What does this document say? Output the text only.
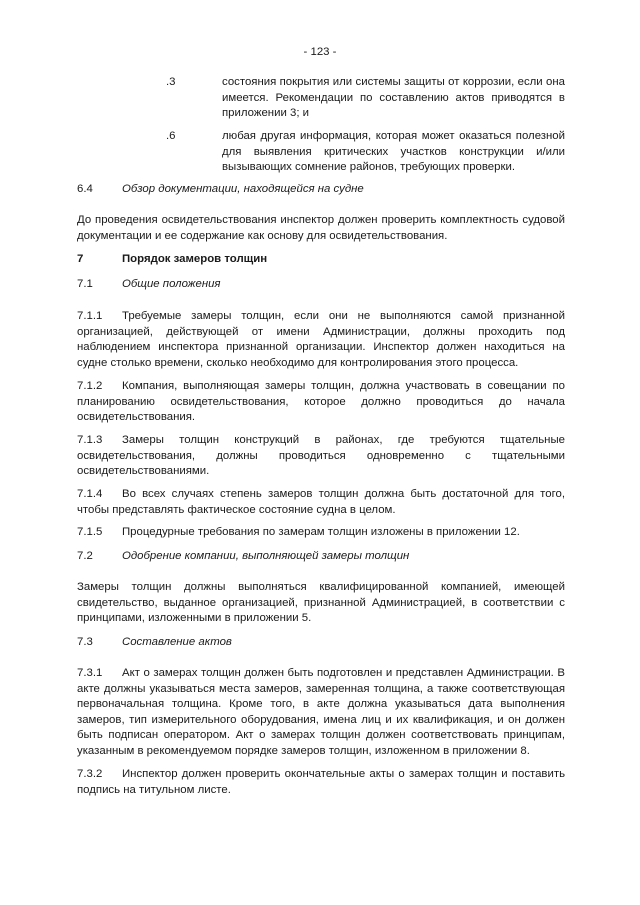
- 123 -
.3	состояния покрытия или системы защиты от коррозии, если она имеется. Рекомендации по составлению актов приводятся в приложении 3; и
.6	любая другая информация, которая может оказаться полезной для выявления критических участков конструкции и/или вызывающих сомнение районов, требующих проверки.
6.4	Обзор документации, находящейся на судне
До проведения освидетельствования инспектор должен проверить комплектность судовой документации и ее содержание как основу для освидетельствования.
7	Порядок замеров толщин
7.1	Общие положения
7.1.1	Требуемые замеры толщин, если они не выполняются самой признанной организацией, действующей от имени Администрации, должны проходить под наблюдением инспектора признанной организации. Инспектор должен находиться на судне столько времени, сколько необходимо для контролирования этого процесса.
7.1.2	Компания, выполняющая замеры толщин, должна участвовать в совещании по планированию освидетельствования, которое должно проводиться до начала освидетельствования.
7.1.3	Замеры толщин конструкций в районах, где требуются тщательные освидетельствования, должны проводиться одновременно с тщательными освидетельствованиями.
7.1.4	Во всех случаях степень замеров толщин должна быть достаточной для того, чтобы представлять фактическое состояние судна в целом.
7.1.5	Процедурные требования по замерам толщин изложены в приложении 12.
7.2	Одобрение компании, выполняющей замеры толщин
Замеры толщин должны выполняться квалифицированной компанией, имеющей свидетельство, выданное организацией, признанной Администрацией, в соответствии с принципами, изложенными в приложении 5.
7.3	Составление актов
7.3.1	Акт о замерах толщин должен быть подготовлен и представлен Администрации. В акте должны указываться места замеров, замеренная толщина, а также соответствующая первоначальная толщина. Кроме того, в акте должна указываться дата выполнения замеров, тип измерительного оборудования, имена лиц и их квалификация, и он должен быть подписан оператором. Акт о замерах толщин должен соответствовать принципам, указанным в рекомендуемом порядке замеров толщин, изложенном в приложении 8.
7.3.2	Инспектор должен проверить окончательные акты о замерах толщин и поставить подпись на титульном листе.
